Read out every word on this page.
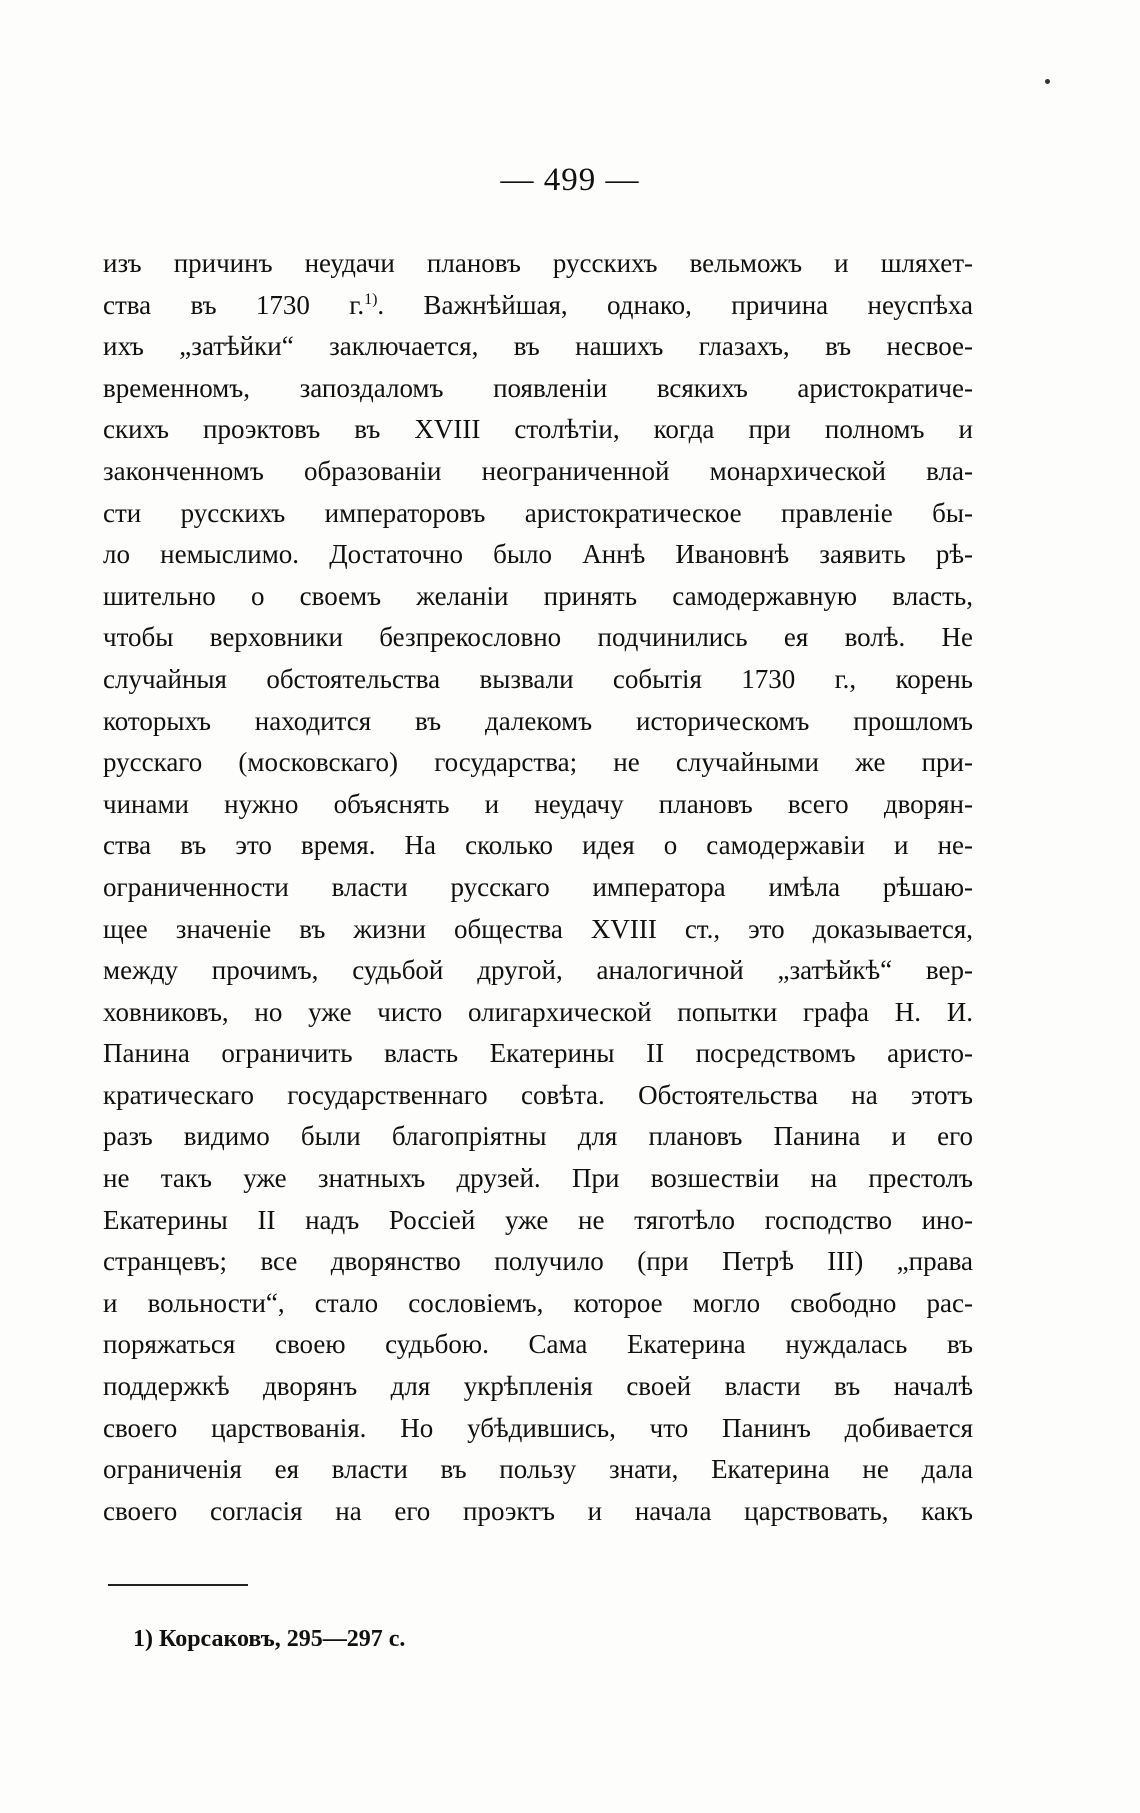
— 499 —
изъ причинъ неудачи плановъ русскихъ вельможъ и шляхет-
ства въ 1730 г.$^{1)}$. Важнѣйшая, однако, причина неуспѣха
ихъ „затѣйки“ заключается, въ нашихъ глазахъ, въ несвое-
временномъ, запоздаломъ появленіи всякихъ аристократиче-
скихъ проэктовъ въ XVIII столѣтіи, когда при полномъ и
законченномъ образованіи неограниченной монархической вла-
сти русскихъ императоровъ аристократическое правленіе бы-
ло немыслимо. Достаточно было Аннѣ Ивановнѣ заявить рѣ-
шительно о своемъ желаніи принять самодержавную власть,
чтобы верховники безпрекословно подчинились ея волѣ. Не
случайныя обстоятельства вызвали событія 1730 г., корень
которыхъ находится въ далекомъ историческомъ прошломъ
русскаго (московскаго) государства; не случайными же при-
чинами нужно объяснять и неудачу плановъ всего дворян-
ства въ это время. На сколько идея о самодержавіи и не-
ограниченности власти русскаго императора имѣла рѣшаю-
щее значеніе въ жизни общества XVIII ст., это доказывается,
между прочимъ, судьбой другой, аналогичной „затѣйкѣ“ вер-
ховниковъ, но уже чисто олигархической попытки графа Н. И.
Панина ограничить власть Екатерины II посредствомъ аристо-
кратическаго государственнаго совѣта. Обстоятельства на этотъ
разъ видимо были благопріятны для плановъ Панина и его
не такъ уже знатныхъ друзей. При возшествіи на престолъ
Екатерины II надъ Россіей уже не тяготѣло господство ино-
странцевъ; все дворянство получило (при Петрѣ III) „права
и вольности“, стало сословіемъ, которое могло свободно рас-
поряжаться своею судьбою. Сама Екатерина нуждалась въ
поддержкѣ дворянъ для укрѣпленія своей власти въ началѣ
своего царствованія. Но убѣдившись, что Панинъ добивается
ограниченія ея власти въ пользу знати, Екатерина не дала
своего согласія на его проэктъ и начала царствовать, какъ
1) Корсаковъ, 295—297 с.
